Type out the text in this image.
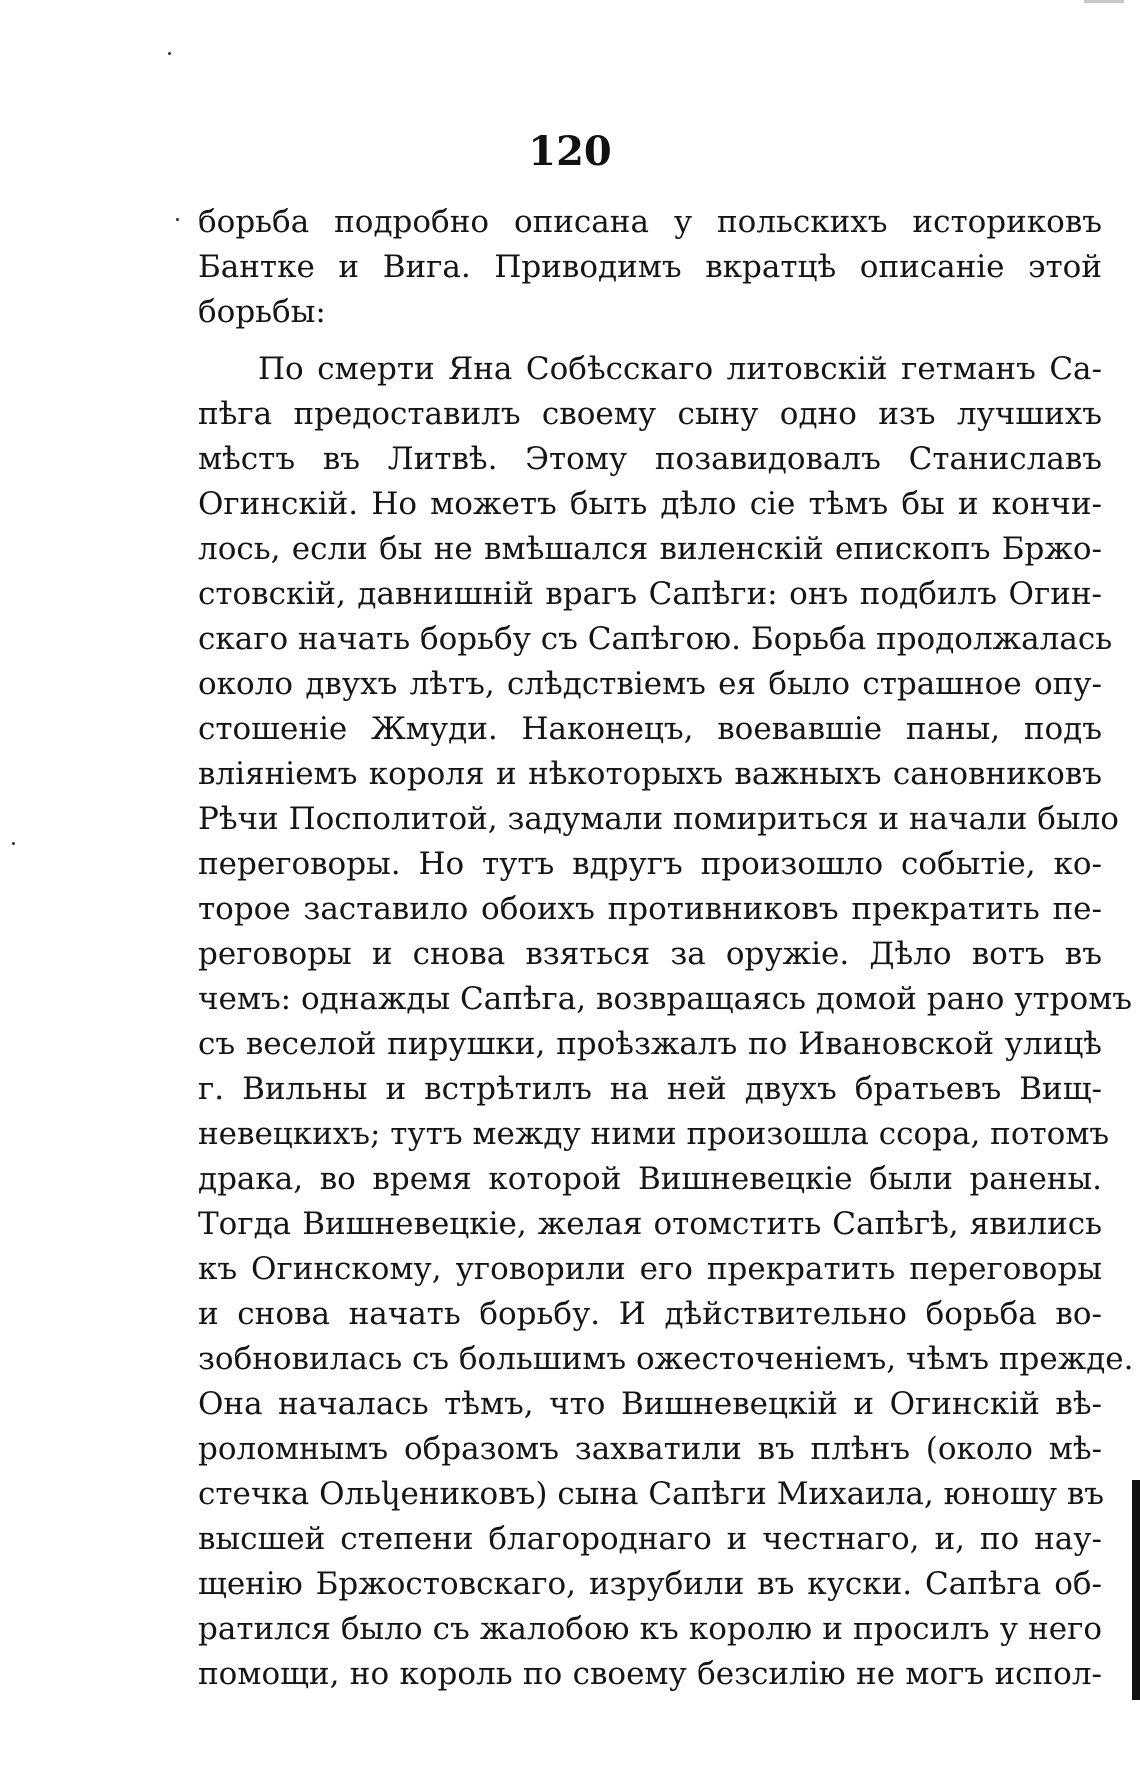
120
борьба подробно описана у польскихъ историковъ
Бантке и Вига. Приводимъ вкратцѣ описаніе этой
борьбы:
По смерти Яна Собѣсскаго литовскій гетманъ Са-
пѣга предоставилъ своему сыну одно изъ лучшихъ
мѣстъ въ Литвѣ. Этому позавидовалъ Станиславъ
Огинскій. Но можетъ быть дѣло сіе тѣмъ бы и кончи-
лось, если бы не вмѣшался виленскій епископъ Бржо-
стовскій, давнишній врагъ Сапѣги: онъ подбилъ Огин-
скаго начать борьбу съ Сапѣгою. Борьба продолжалась
около двухъ лѣтъ, слѣдствіемъ ея было страшное опу-
стошеніе Жмуди. Наконецъ, воевавшіе паны, подъ
вліяніемъ короля и нѣкоторыхъ важныхъ сановниковъ
Рѣчи Посполитой, задумали помириться и начали было
переговоры. Но тутъ вдругъ произошло событіе, ко-
торое заставило обоихъ противниковъ прекратить пе-
реговоры и снова взяться за оружіе. Дѣло вотъ въ
чемъ: однажды Сапѣга, возвращаясь домой рано утромъ
съ веселой пирушки, проѣзжалъ по Ивановской улицѣ
г. Вильны и встрѣтилъ на ней двухъ братьевъ Вищ-
невецкихъ; тутъ между ними произошла ссора, потомъ
драка, во время которой Вишневецкіе были ранены.
Тогда Вишневецкіе, желая отомстить Сапѣгѣ, явились
къ Огинскому, уговорили его прекратить переговоры
и снова начать борьбу. И дѣйствительно борьба во-
зобновилась съ большимъ ожесточеніемъ, чѣмъ прежде.
Она началась тѣмъ, что Вишневецкій и Огинскій вѣ-
роломнымъ образомъ захватили въ плѣнъ (около мѣ-
стечка Ольկениковъ) сына Сапѣги Михаила, юношу въ
высшей степени благороднаго и честнаго, и, по нау-
щенію Бржостовскаго, изрубили въ куски. Сапѣга об-
ратился было съ жалобою къ королю и просилъ у него
помощи, но король по своему безсилію не могъ испол-
